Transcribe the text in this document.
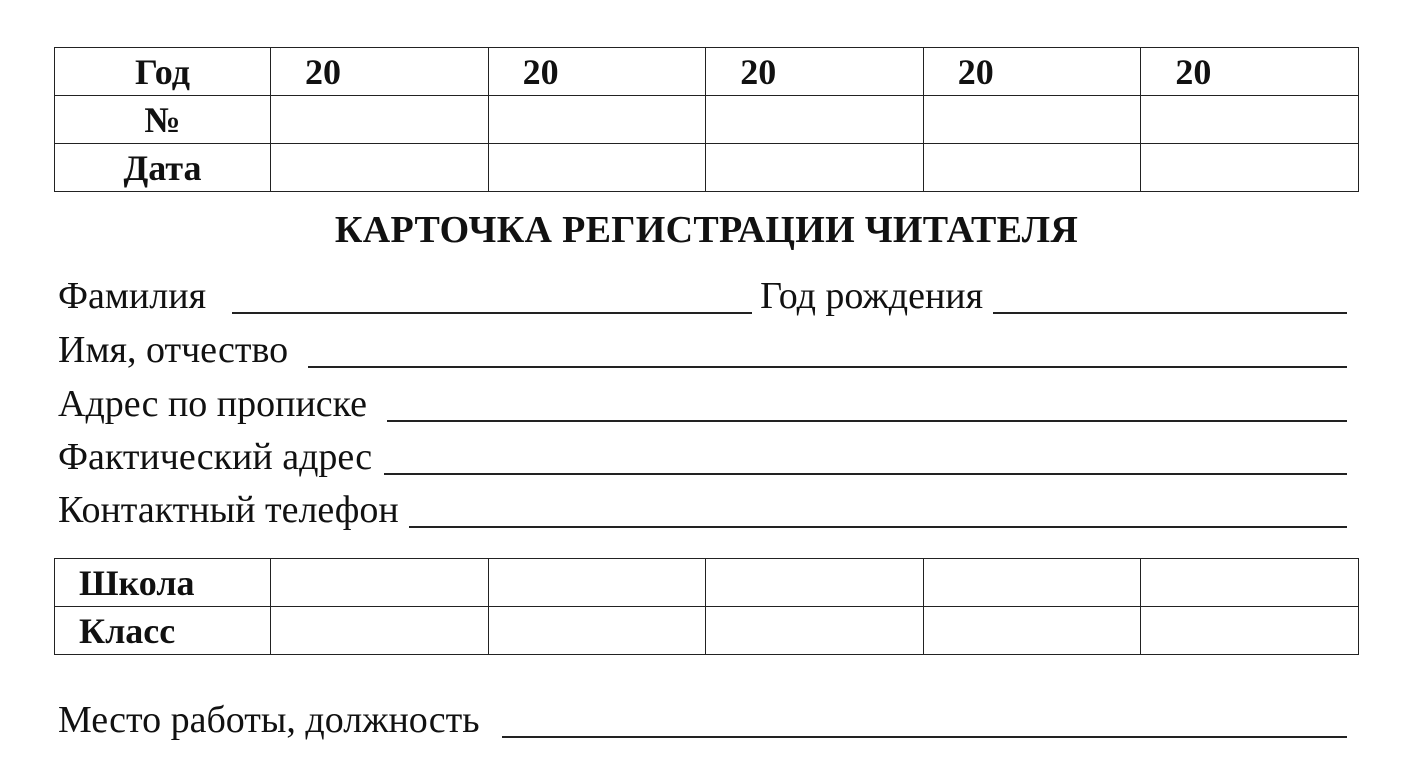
Год	20	20	20	20	20
№					
Дата					
КАРТОЧКА РЕГИСТРАЦИИ ЧИТАТЕЛЯ
Фамилия	Год рождения
Имя, отчество
Адрес по прописке
Фактический адрес
Контактный телефон
Школа					
Класс					
Место работы, должность
